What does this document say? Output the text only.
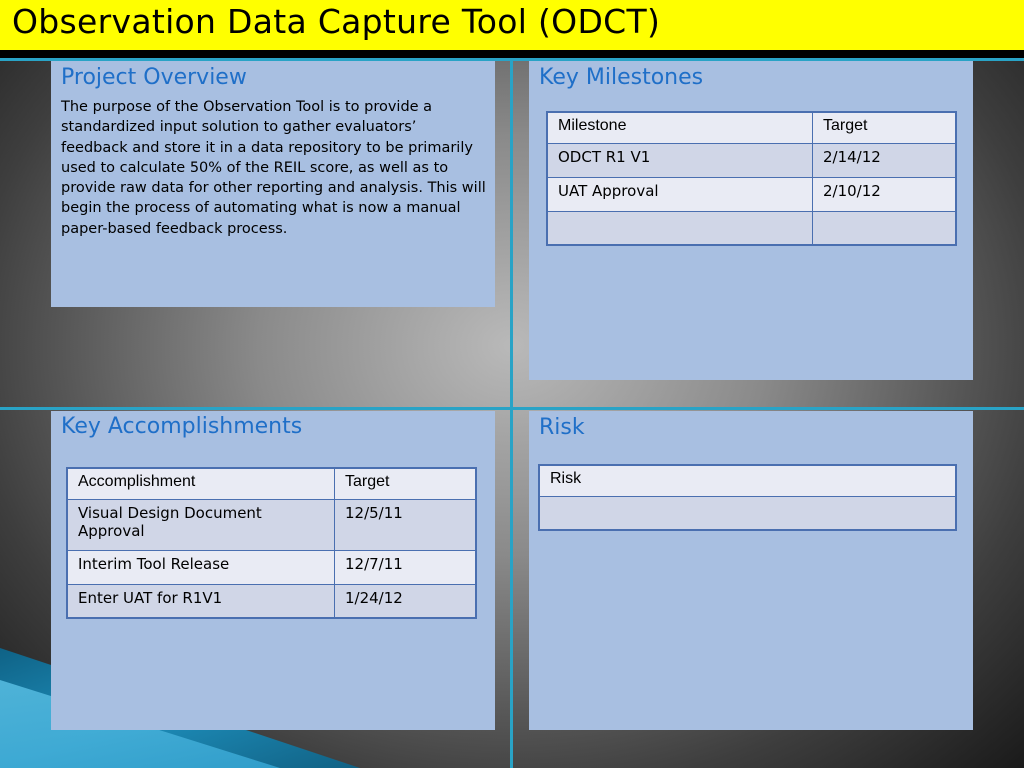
Observation Data Capture Tool (ODCT)
Project Overview
The purpose of the Observation Tool is to provide a standardized input solution to gather evaluators’ feedback and store it in a data repository to be primarily used to calculate 50% of the REIL score, as well as to provide raw data for other reporting and analysis. This will begin the process of automating what is now a manual paper-based feedback process.
Key Milestones
Milestone	Target
ODCT R1 V1	2/14/12
UAT Approval	2/10/12

Key Accomplishments
Accomplishment	Target
Visual Design Document Approval	12/5/11
Interim Tool Release	12/7/11
Enter UAT for R1V1	1/24/12
Risk
Risk
